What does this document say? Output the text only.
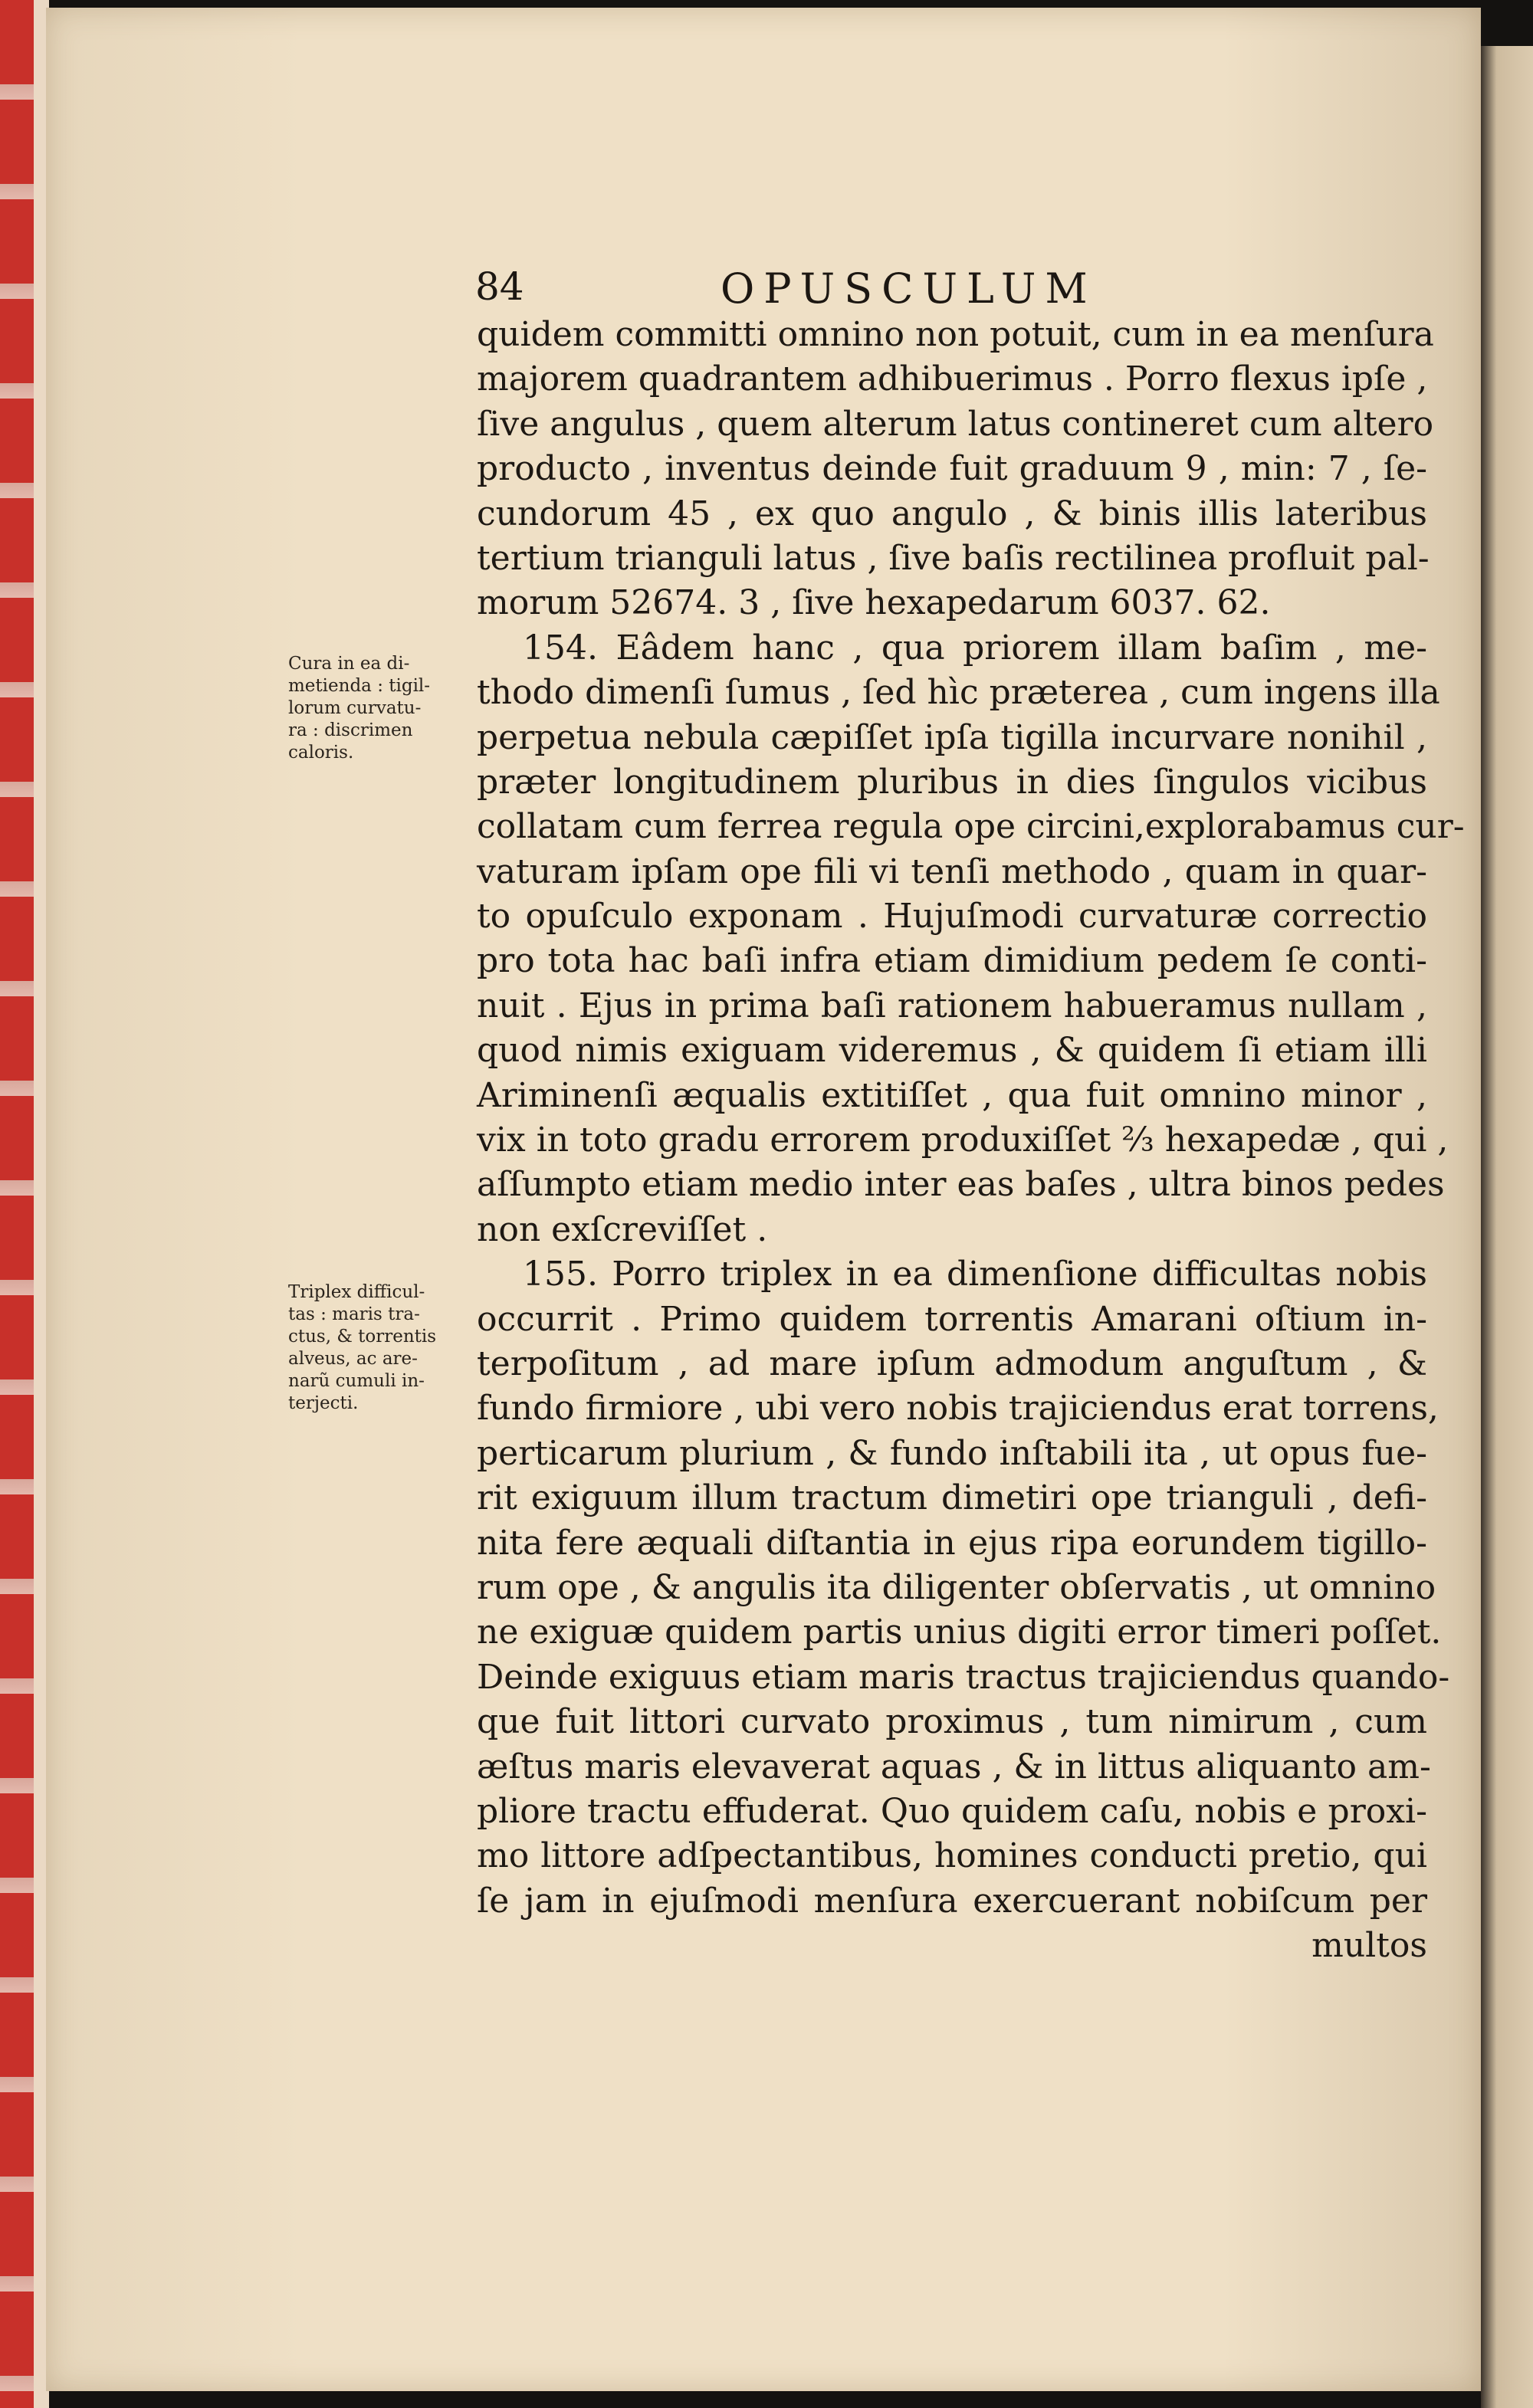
84	OPUSCULUM
Cura in ea di-
metienda : tigil-
lorum curvatu-
ra : discrimen
caloris.
Triplex difficul-
tas : maris tra-
ctus, & torrentis
alveus, ac are-
narũ cumuli in-
terjecti.
quidem committi omnino non potuit, cum in ea menſura
majorem quadrantem adhibuerimus . Porro flexus ipſe ,
ſive angulus , quem alterum latus contineret cum altero
producto , inventus deinde fuit graduum 9 , min: 7 , ſe-
cundorum 45 , ex quo angulo , & binis illis lateribus
tertium trianguli latus , ſive baſis rectilinea profluit pal-
morum 52674. 3 , ſive hexapedarum 6037. 62.
154. Eâdem hanc , qua priorem illam baſim , me-
thodo dimenſi ſumus , ſed hìc præterea , cum ingens illa
perpetua nebula cæpiſſet ipſa tigilla incurvare nonihil ,
præter longitudinem pluribus in dies ſingulos vicibus
collatam cum ferrea regula ope circini,explorabamus cur-
vaturam ipſam ope fili vi tenſi methodo , quam in quar-
to opuſculo exponam . Hujuſmodi curvaturæ correctio
pro tota hac baſi infra etiam dimidium pedem ſe conti-
nuit . Ejus in prima baſi rationem habueramus nullam ,
quod nimis exiguam videremus , & quidem ſi etiam illi
Ariminenſi æqualis extitiſſet , qua fuit omnino minor ,
vix in toto gradu errorem produxiſſet ⅔ hexapedæ , qui ,
aſſumpto etiam medio inter eas baſes , ultra binos pedes
non exſcreviſſet .
155. Porro triplex in ea dimenſione difficultas nobis
occurrit . Primo quidem torrentis Amarani oſtium in-
terpoſitum , ad mare ipſum admodum anguſtum , &
fundo firmiore , ubi vero nobis trajiciendus erat torrens,
perticarum plurium , & fundo inſtabili ita , ut opus fue-
rit exiguum illum tractum dimetiri ope trianguli , defi-
nita fere æquali diſtantia in ejus ripa eorundem tigillo-
rum ope , & angulis ita diligenter obſervatis , ut omnino
ne exiguæ quidem partis unius digiti error timeri poſſet.
Deinde exiguus etiam maris tractus trajiciendus quando-
que fuit littori curvato proximus , tum nimirum , cum
æſtus maris elevaverat aquas , & in littus aliquanto am-
pliore tractu effuderat. Quo quidem caſu, nobis e proxi-
mo littore adſpectantibus, homines conducti pretio, qui
ſe jam in ejuſmodi menſura exercuerant nobiſcum per
multos
